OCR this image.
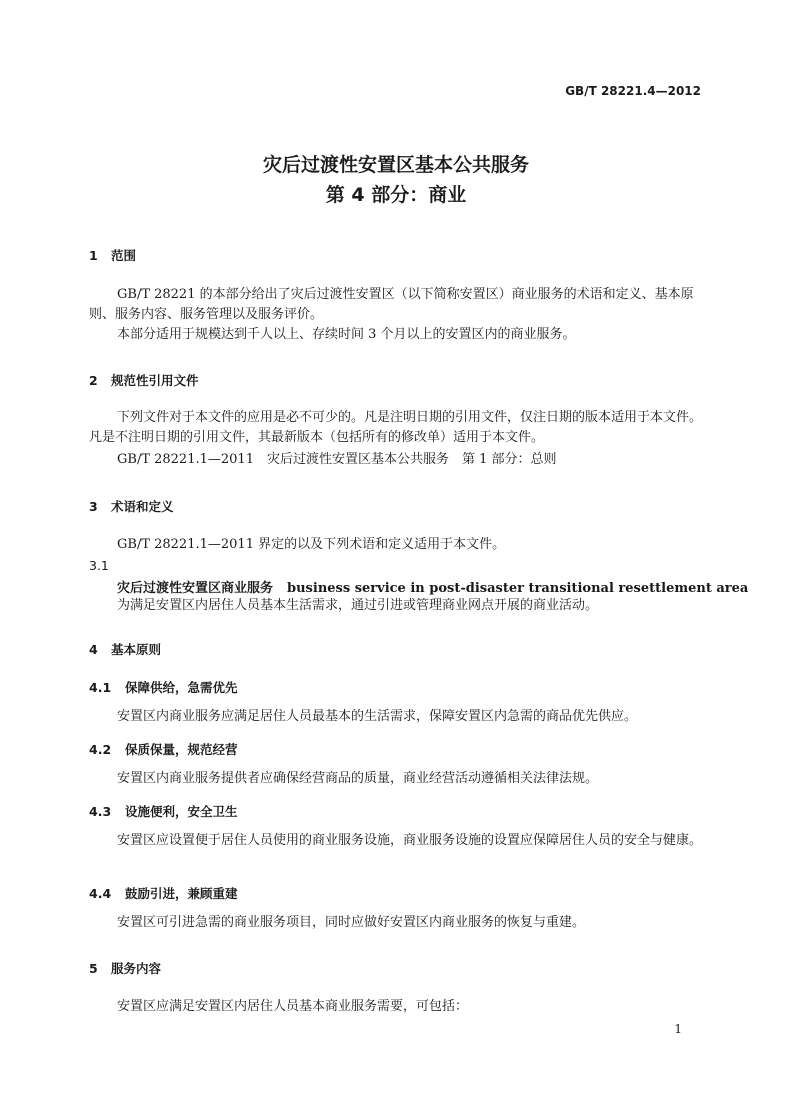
GB/T 28221.4—2012
灾后过渡性安置区基本公共服务
第 4 部分：商业
1 范围
GB/T 28221 的本部分给出了灾后过渡性安置区（以下简称安置区）商业服务的术语和定义、基本原则、服务内容、服务管理以及服务评价。
本部分适用于规模达到千人以上、存续时间 3 个月以上的安置区内的商业服务。
2 规范性引用文件
下列文件对于本文件的应用是必不可少的。凡是注明日期的引用文件，仅注日期的版本适用于本文件。凡是不注明日期的引用文件，其最新版本（包括所有的修改单）适用于本文件。
GB/T 28221.1—2011　灾后过渡性安置区基本公共服务　第 1 部分：总则
3 术语和定义
GB/T 28221.1—2011 界定的以及下列术语和定义适用于本文件。
3.1
灾后过渡性安置区商业服务 business service in post-disaster transitional resettlement area
为满足安置区内居住人员基本生活需求，通过引进或管理商业网点开展的商业活动。
4 基本原则
4.1 保障供给，急需优先
安置区内商业服务应满足居住人员最基本的生活需求，保障安置区内急需的商品优先供应。
4.2 保质保量，规范经营
安置区内商业服务提供者应确保经营商品的质量，商业经营活动遵循相关法律法规。
4.3 设施便利，安全卫生
安置区应设置便于居住人员使用的商业服务设施，商业服务设施的设置应保障居住人员的安全与健康。
4.4 鼓励引进，兼顾重建
安置区可引进急需的商业服务项目，同时应做好安置区内商业服务的恢复与重建。
5 服务内容
安置区应满足安置区内居住人员基本商业服务需要，可包括：
1
